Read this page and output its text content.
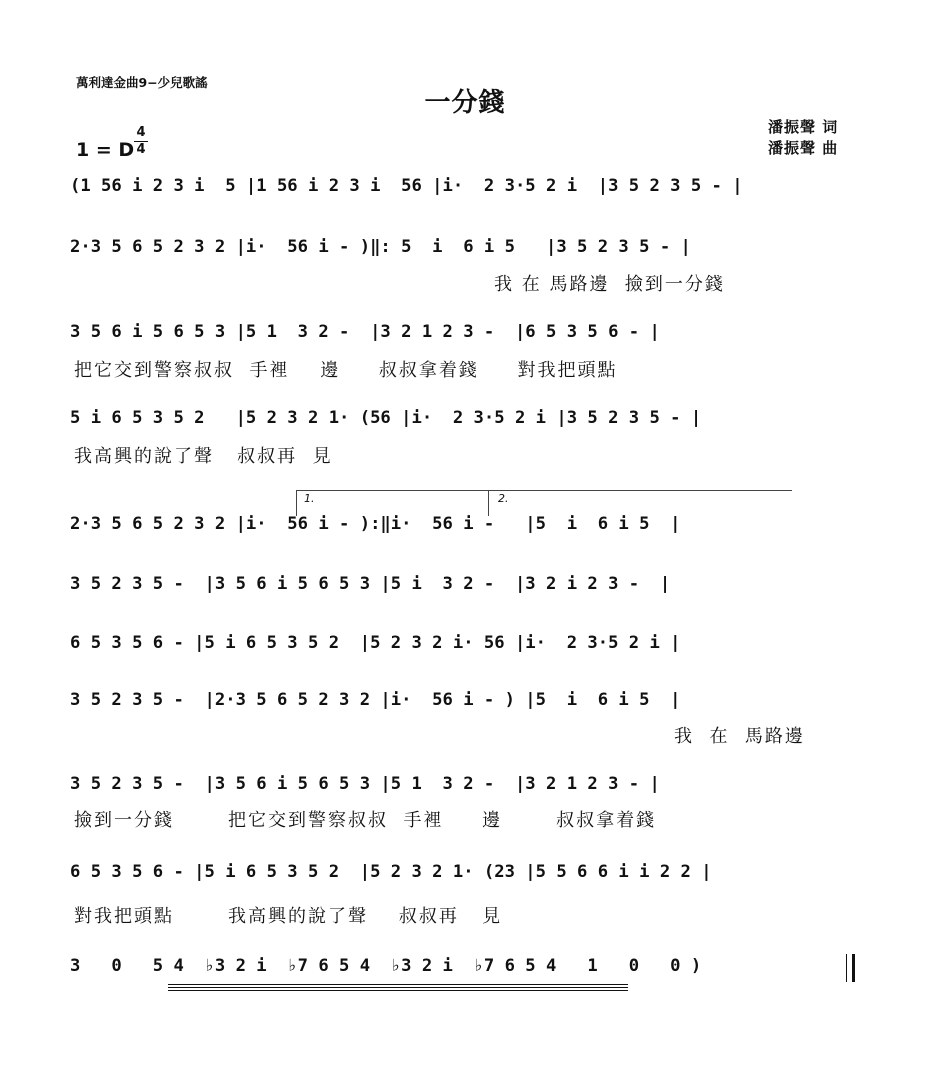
萬利達金曲9−少兒歌謠
一分錢
潘振聲 词
潘振聲 曲
1 = D
4
4
(1 56 i 2 3 i  5 |1 56 i 2 3 i  56 |i·  2 3·5 2 i  |3 5 2 3 5 - |
2·3 5 6 5 2 3 2 |i·  56 i - )‖: 5  i  6 i 5   |3 5 2 3 5 - |
我 在 馬路邊  撿到一分錢
3 5 6 i 5 6 5 3 |5 1  3 2 -  |3 2 1 2 3 -  |6 5 3 5 6 - |
把它交到警察叔叔  手裡    邊     叔叔拿着錢     對我把頭點
5 i 6 5 3 5 2   |5 2 3 2 1· (56 |i·  2 3·5 2 i |3 5 2 3 5 - |
我高興的說了聲   叔叔再  見
1.	2.
2·3 5 6 5 2 3 2 |i·  56 i - ):‖i·  56 i -   |5  i  6 i 5  |
3 5 2 3 5 -  |3 5 6 i 5 6 5 3 |5 i  3 2 -  |3 2 i 2 3 -  |
6 5 3 5 6 - |5 i 6 5 3 5 2  |5 2 3 2 i· 56 |i·  2 3·5 2 i |
3 5 2 3 5 -  |2·3 5 6 5 2 3 2 |i·  56 i - ) |5  i  6 i 5  |
我  在  馬路邊
3 5 2 3 5 -  |3 5 6 i 5 6 5 3 |5 1  3 2 -  |3 2 1 2 3 - |
撿到一分錢       把它交到警察叔叔  手裡     邊       叔叔拿着錢
6 5 3 5 6 - |5 i 6 5 3 5 2  |5 2 3 2 1· (23 |5 5 6 6 i i 2 2 |
對我把頭點       我高興的說了聲    叔叔再   見
3   0   5 4  ♭3 2 i  ♭7 6 5 4  ♭3 2 i  ♭7 6 5 4   1   0   0 )
